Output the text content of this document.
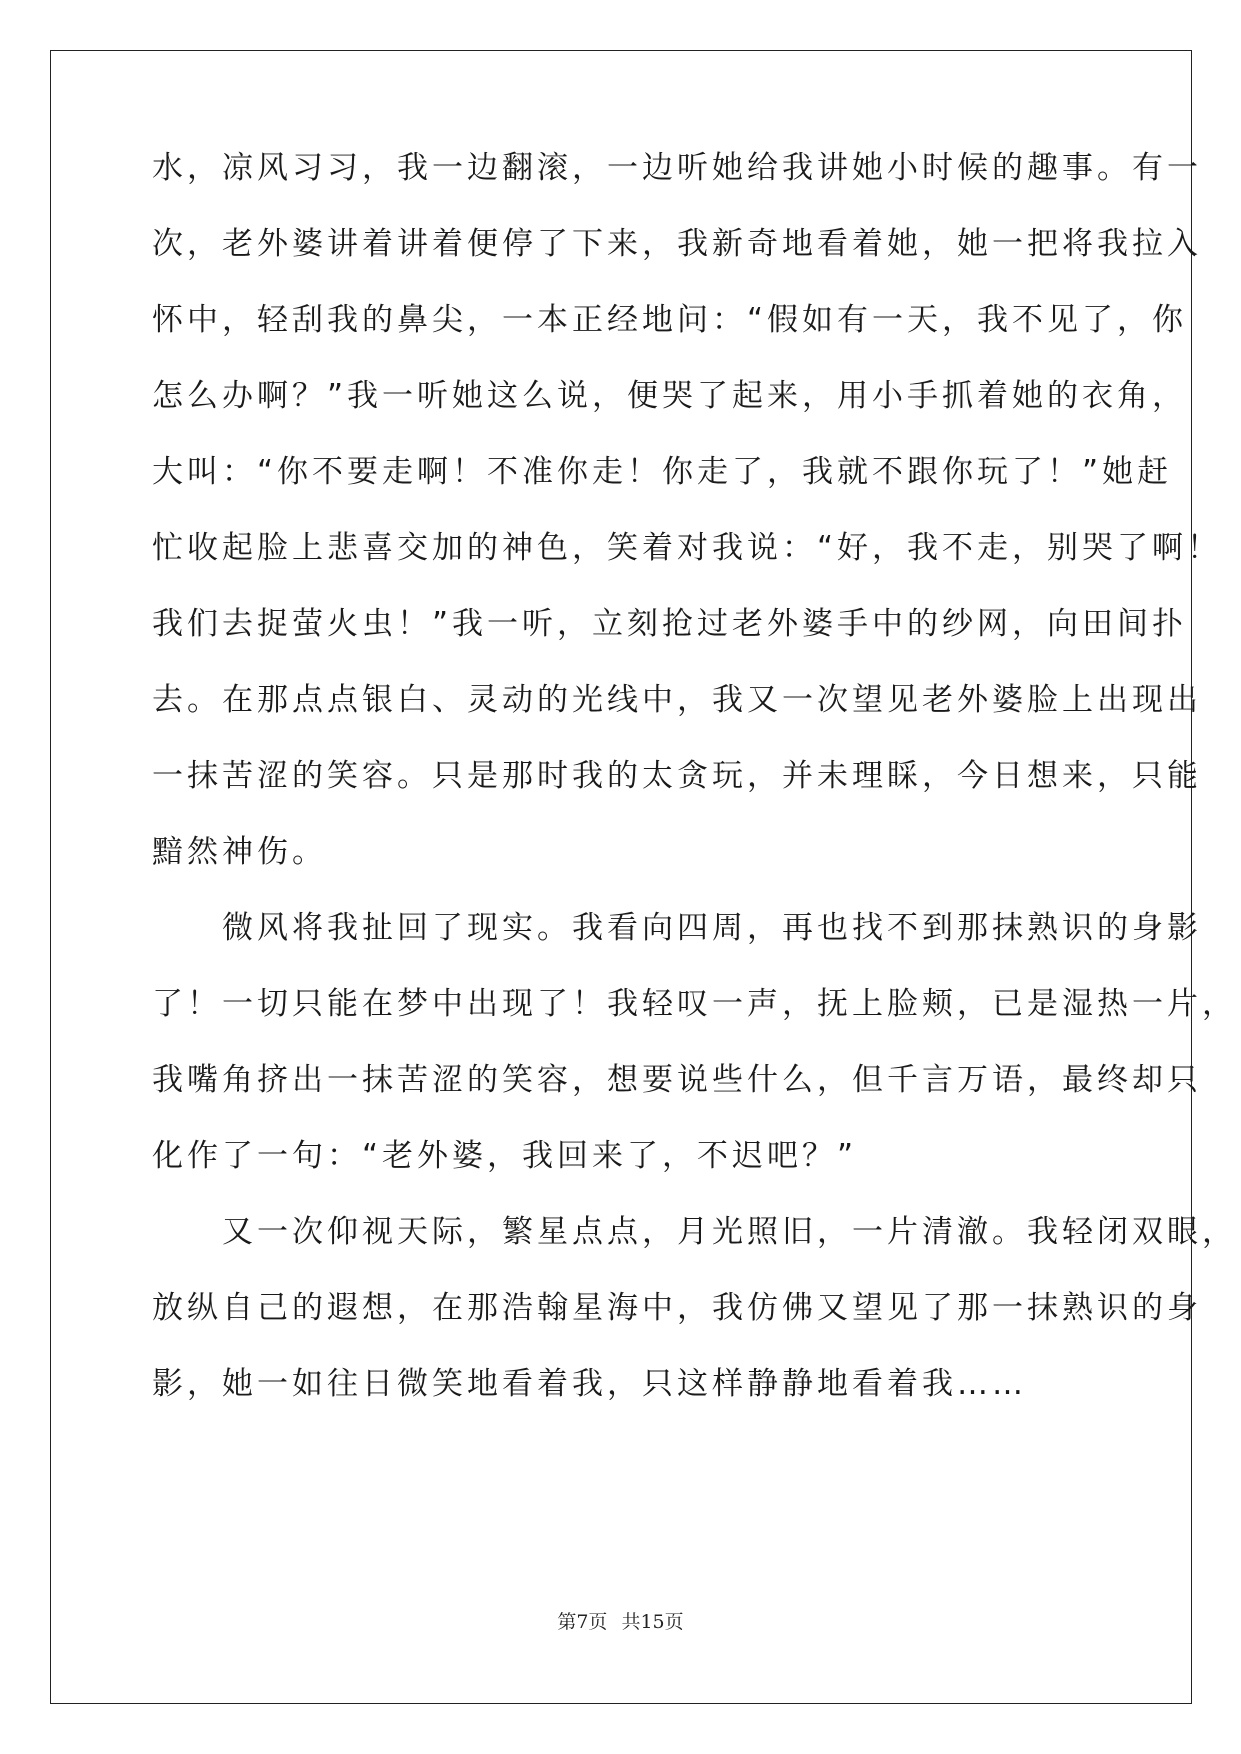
水，凉风习习，我一边翻滚，一边听她给我讲她小时候的趣事。有一
次，老外婆讲着讲着便停了下来，我新奇地看着她，她一把将我拉入
怀中，轻刮我的鼻尖，一本正经地问：“假如有一天，我不见了，你
怎么办啊？”我一听她这么说，便哭了起来，用小手抓着她的衣角，
大叫：“你不要走啊！不准你走！你走了，我就不跟你玩了！”她赶
忙收起脸上悲喜交加的神色，笑着对我说：“好，我不走，别哭了啊！
我们去捉萤火虫！”我一听，立刻抢过老外婆手中的纱网，向田间扑
去。在那点点银白、灵动的光线中，我又一次望见老外婆脸上出现出
一抹苦涩的笑容。只是那时我的太贪玩，并未理睬，今日想来，只能
黯然神伤。
　　微风将我扯回了现实。我看向四周，再也找不到那抹熟识的身影
了！一切只能在梦中出现了！我轻叹一声，抚上脸颊，已是湿热一片，
我嘴角挤出一抹苦涩的笑容，想要说些什么，但千言万语，最终却只
化作了一句：“老外婆，我回来了，不迟吧？”
　　又一次仰视天际，繁星点点，月光照旧，一片清澈。我轻闭双眼，
放纵自己的遐想，在那浩翰星海中，我仿佛又望见了那一抹熟识的身
影，她一如往日微笑地看着我，只这样静静地看着我……
第7页 共15页
